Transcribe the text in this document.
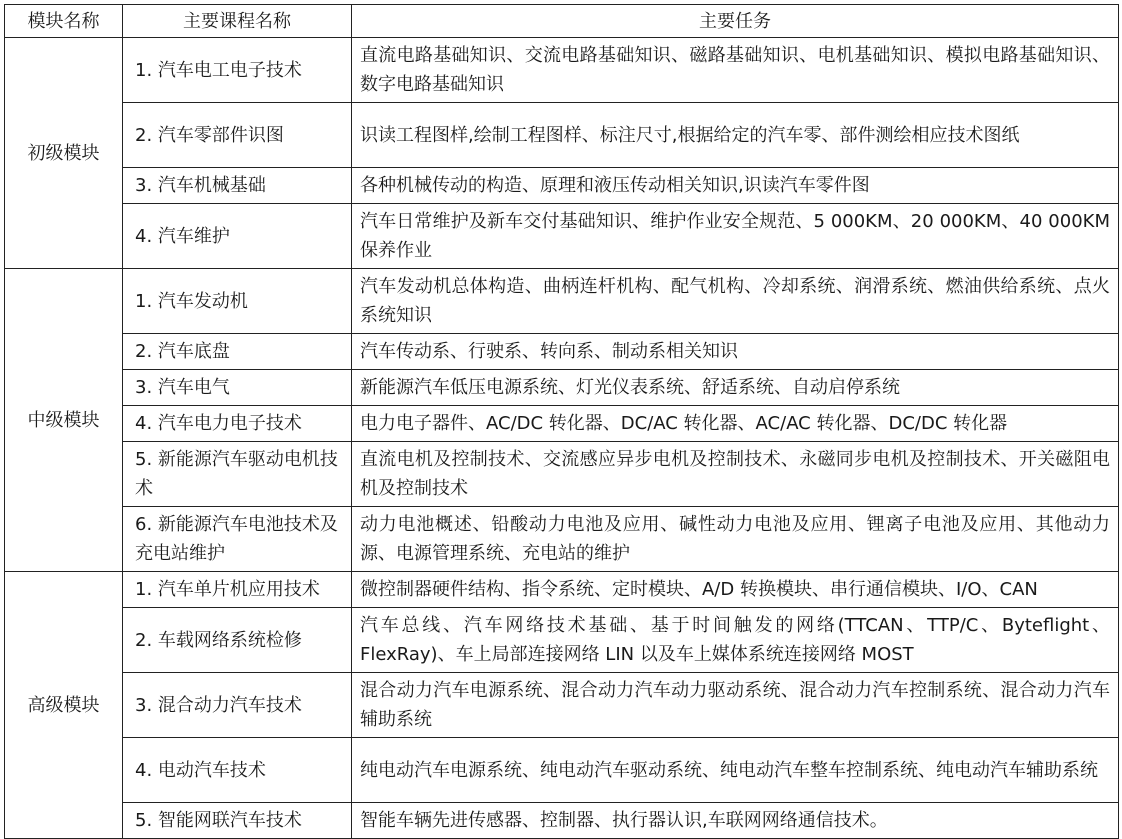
模块名称	主要课程名称	主要任务
初级模块	1. 汽车电工电子技术	直流电路基础知识、交流电路基础知识、磁路基础知识、电机基础知识、模拟电路基础知识、数字电路基础知识
	2. 汽车零部件识图	识读工程图样,绘制工程图样、标注尺寸,根据给定的汽车零、部件测绘相应技术图纸
	3. 汽车机械基础	各种机械传动的构造、原理和液压传动相关知识,识读汽车零件图
	4. 汽车维护	汽车日常维护及新车交付基础知识、维护作业安全规范、5 000KM、20 000KM、40 000KM保养作业
中级模块	1. 汽车发动机	汽车发动机总体构造、曲柄连杆机构、配气机构、冷却系统、润滑系统、燃油供给系统、点火系统知识
	2. 汽车底盘	汽车传动系、行驶系、转向系、制动系相关知识
	3. 汽车电气	新能源汽车低压电源系统、灯光仪表系统、舒适系统、自动启停系统
	4. 汽车电力电子技术	电力电子器件、AC/DC 转化器、DC/AC 转化器、AC/AC 转化器、DC/DC 转化器
	5. 新能源汽车驱动电机技术	直流电机及控制技术、交流感应异步电机及控制技术、永磁同步电机及控制技术、开关磁阻电机及控制技术
	6. 新能源汽车电池技术及充电站维护	动力电池概述、铅酸动力电池及应用、碱性动力电池及应用、锂离子电池及应用、其他动力源、电源管理系统、充电站的维护
高级模块	1. 汽车单片机应用技术	微控制器硬件结构、指令系统、定时模块、A/D 转换模块、串行通信模块、I/O、CAN
	2. 车载网络系统检修	汽车总线、汽车网络技术基础、基于时间触发的网络(TTCAN、TTP/C、Byteflight、FlexRay)、车上局部连接网络 LIN 以及车上媒体系统连接网络 MOST
	3. 混合动力汽车技术	混合动力汽车电源系统、混合动力汽车动力驱动系统、混合动力汽车控制系统、混合动力汽车辅助系统
	4. 电动汽车技术	纯电动汽车电源系统、纯电动汽车驱动系统、纯电动汽车整车控制系统、纯电动汽车辅助系统
	5. 智能网联汽车技术	智能车辆先进传感器、控制器、执行器认识,车联网网络通信技术。
